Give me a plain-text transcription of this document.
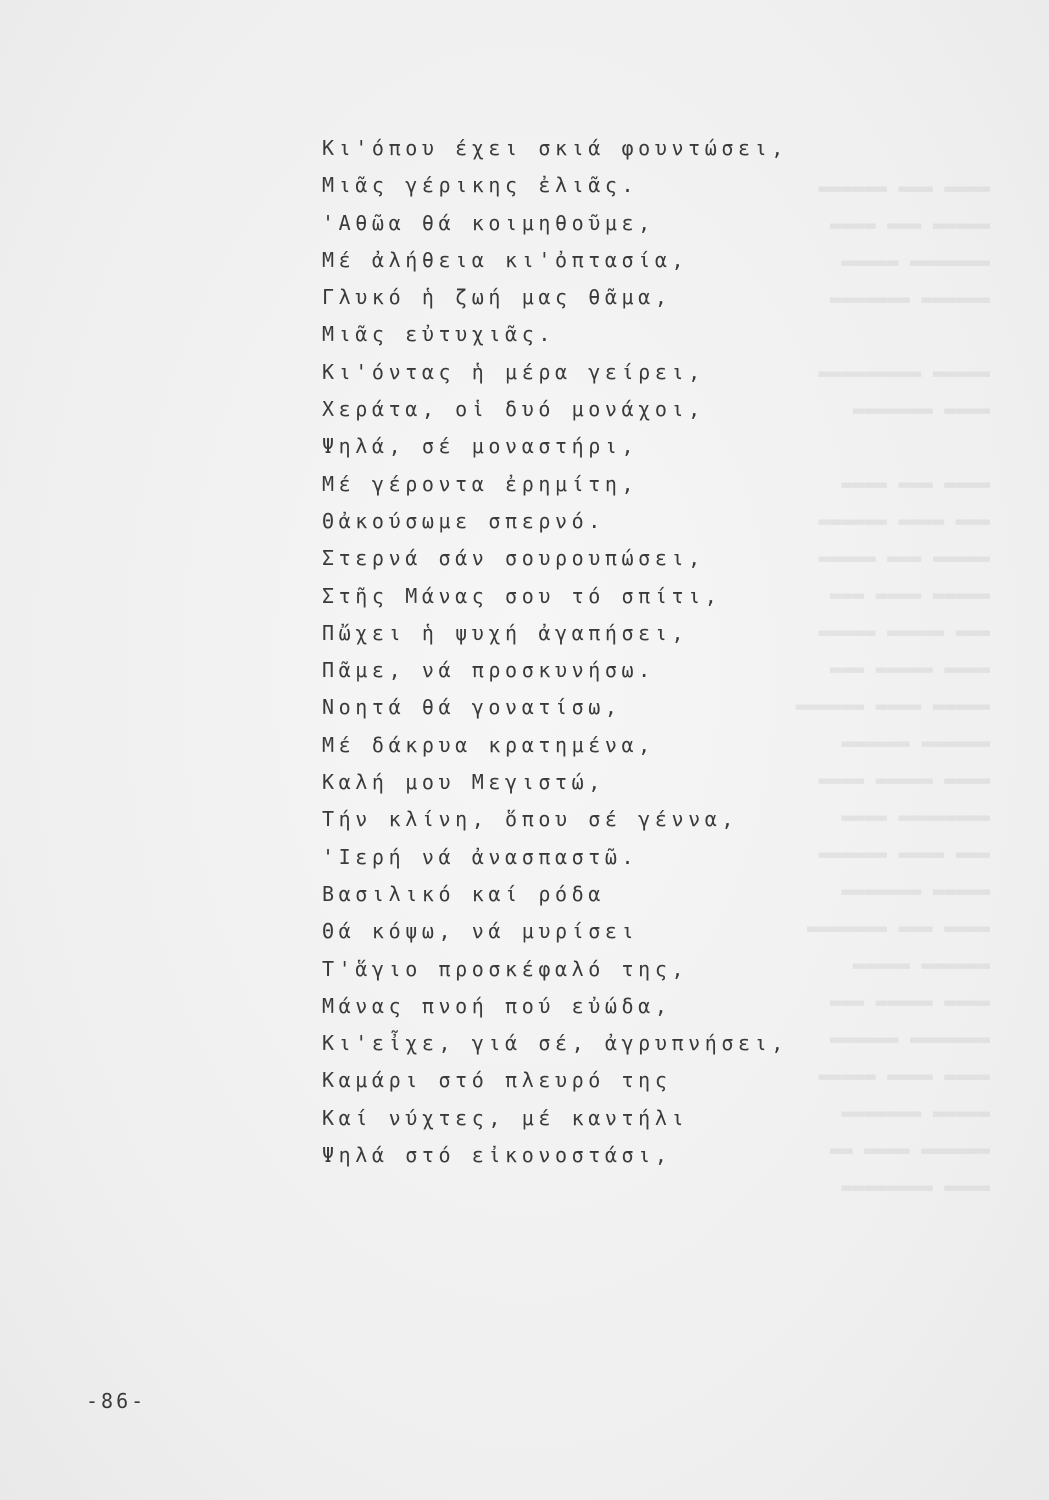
▬▬▬▬ ▬▬▬ ▬▬▬▬▬▬
▬▬▬▬▬ ▬▬▬ ▬▬▬▬
▬▬▬▬▬▬▬ ▬▬▬▬▬
▬▬▬▬▬▬ ▬▬▬▬▬▬▬

▬▬▬▬▬ ▬▬▬▬▬▬▬▬▬
▬▬▬▬ ▬▬▬▬▬▬▬

▬▬▬▬ ▬▬▬ ▬▬▬▬
▬▬▬ ▬▬▬▬ ▬▬▬▬▬▬
▬▬▬▬▬ ▬▬▬ ▬▬▬▬▬
▬▬▬▬▬ ▬▬▬▬ ▬▬▬
▬▬▬ ▬▬▬▬▬ ▬▬▬▬▬
▬▬▬▬ ▬▬▬▬▬ ▬▬▬
▬▬▬▬▬ ▬▬▬▬ ▬▬▬▬▬▬
▬▬▬▬▬▬ ▬▬▬▬▬▬
▬▬▬▬ ▬▬▬▬▬ ▬▬▬▬
▬▬▬▬▬▬▬▬ ▬▬▬▬
▬▬▬ ▬▬▬▬ ▬▬▬▬▬▬
▬▬▬▬▬ ▬▬▬▬▬▬▬
▬▬▬▬ ▬▬▬ ▬▬▬▬▬▬▬
▬▬▬▬▬▬ ▬▬▬▬▬
▬▬▬▬ ▬▬▬▬▬ ▬▬▬
▬▬▬▬▬▬▬ ▬▬▬▬▬▬
▬▬▬▬ ▬▬▬▬ ▬▬▬▬▬
▬▬▬▬▬ ▬▬▬▬▬▬▬
▬▬▬▬▬▬ ▬▬▬▬ ▬▬
▬▬▬▬ ▬▬▬▬▬▬▬▬
Κι'όπου έχει σκιά φουντώσει,
Μιᾶς γέρικης ἐλιᾶς.
'Αθῶα θά κοιμηθοῦμε,
Μέ ἀλήθεια κι'ὀπτασία,
Γλυκό ἡ ζωή μας θᾶμα,
Μιᾶς εὐτυχιᾶς.
Κι'όντας ἡ μέρα γείρει,
Χεράτα, οἱ δυό μονάχοι,
Ψηλά, σέ μοναστήρι,
Μέ γέροντα ἐρημίτη,
Θἀκούσωμε σπερνό.
Στερνά σάν σουρουπώσει,
Στῆς Μάνας σου τό σπίτι,
Πὤχει ἡ ψυχή ἀγαπήσει,
Πᾶμε, νά προσκυνήσω.
Νοητά θά γονατίσω,
Μέ δάκρυα κρατημένα,
Καλή μου Μεγιστώ,
Τήν κλίνη, ὅπου σέ γέννα,
'Ιερή νά ἀνασπαστῶ.
Βασιλικό καί ρόδα
Θά κόψω, νά μυρίσει
Τ'ἅγιο προσκέφαλό της,
Μάνας πνοή πού εὐώδα,
Κι'εἶχε, γιά σέ, ἀγρυπνήσει,
Καμάρι στό πλευρό της
Καί νύχτες, μέ καντήλι
Ψηλά στό εἰκονοστάσι,
-86-
